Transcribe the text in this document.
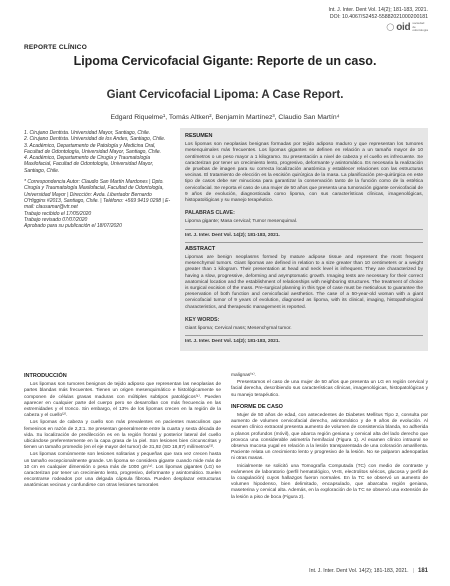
Int. J. Inter. Dent Vol. 14(2); 181-183, 2021.
DOI: 10.4067/S2452-55882021000200181
◯ oid sociedad
de
odontología
REPORTE CLÍNICO
Lipoma Cervicofacial Gigante: Reporte de un caso.
Giant Cervicofacial Lipoma: A Case Report.
Edgard Riquelme¹, Tomás Altken², Benjamín Martínez³, Claudio San Martín⁴

1. Cirujano Dentista. Universidad Mayor, Santiago, Chile.

2. Cirujano Dentista. Universidad de los Andes, Santiago, Chile.

3. Académico, Departamento de Patología y Medicina Oral, Facultad de Odontología, Universidad Mayor, Santiago, Chile.

4. Académico, Departamento de Cirugía y Traumatología Maxilofacial, Facultad de Odontología, Universidad Mayor, Santiago, Chile.

* Correspondencia Autor: Claudio San Martín Mardones | Dpto. Cirugía y Traumatología Maxilofacial, Facultad de Odontología, Universidad Mayor | Dirección: Avda. Libertador Bernardo O'Higgins #2013, Santiago, Chile. | Teléfono: +569 9419 0298 | E-mail: clausamar@vtr.net

Trabajo recibido el 17/05/2020

Trabajo revisado 07/07/2020

Aprobado para su publicación el 18/07/2020

RESUMEN
Los lipomas son neoplasias benignas formadas por tejido adiposo maduro y que representan los tumores mesenquimales más frecuentes. Los lipomas gigantes se definen en relación a un tamaño mayor de 10 centímetros o un peso mayor a 1 kilogramo. Su presentación a nivel de cabeza y el cuello es infrecuente. Se caracterizan por tener un crecimiento lento, progresivo, deformante y asintomático. Es necesaria la realización de pruebas de imagen para su correcta localización anatómica y establecer relaciones con las estructuras vecinas. El tratamiento de elección es la escisión quirúrgica de la masa. La planificación pre-quirúrgica en este tipo de casos debe ser minuciosa para garantizar la conservación tanto de la función como de la estética cervicofacial. Se reporta el caso de una mujer de 50 años que presenta una tumoración gigante cervicofacial de 9 años de evolución, diagnosticada como lipoma, con sus características clínicas, imagenológicas, histopatológicas y su manejo terapéutico.
PALABRAS CLAVE:
Lipoma gigante; Masa cervical; Tumor mesenquimal.
Int. J. Inter. Dent Vol. 14(2); 181-183, 2021.
ABSTRACT
Lipomas are benign neoplasms formed by mature adipose tissue and represent the most frequent mesenchymal tumors. Giant lipomas are defined in relation to a size greater than 10 centimeters or a weight greater than 1 kilogram. Their presentation at head and neck level is infrequent. They are characterized by having a slow, progressive, deforming and asymptomatic growth. Imaging tests are necessary for their correct anatomical location and the establishment of relationships with neighboring structures. The treatment of choice is surgical excision of the mass. Pre-surgical planning in this type of case must be meticulous to guarantee the preservation of both function and cervicofacial aesthetics. The case of a 50-year-old woman with a giant cervicofacial tumor of 9 years of evolution, diagnosed as lipoma, with its clinical, imaging, histopathological characteristics, and therapeutic management is reported.
KEY WORDS:
Giant lipoma; Cervical mass; Mesenchymal tumor.
Int. J. Inter. Dent Vol. 14(2); 181-183, 2021.
INTRODUCCIÓN

Los lipomas son tumores benignos de tejido adiposo que representan las neoplasias de partes blandas más frecuentes. Tienen un origen mesenquimático e histológicamente se componen de células grasas maduras con múltiples subtipos patológicos⁽¹⁾. Pueden aparecer en cualquier parte del cuerpo pero se desarrollan con más frecuencia en las extremidades y el tronco. Sin embargo, el 13% de los lipomas crecen en la región de la cabeza y el cuello⁽²⁾.

Los lipomas de cabeza y cuello son más prevalentes en pacientes masculinos que femeninos en razón de 2,3:1. Se presentan generalmente entre la cuarta y sexta década de vida. Su localización de predilección es en la región frontal y posterior lateral del cuello ubicándose preferentemente en la capa grasa de la piel. Son lesiones bien circunscritas y tienen un tamaño promedio (en el eje mayor del tumor) de 31,92 (SD 18,87) milímetros⁽³⁾.

Los lipomas comúnmente son lesiones solitarias y pequeñas que rara vez crecen hasta un tamaño excepcionalmente grande. Un lipoma se considera gigante cuando mide más de 10 cm en cualquier dimensión o pesa más de 1000 gm⁽⁴⁾. Los lipomas gigantes (LG) se caracterizan por tener un crecimiento lento, progresivo, deformante y asintomático. Suelen encontrarse rodeados por una delgada cápsula fibrosa. Pueden desplazar estructuras anatómicas vecinas y confundirse con otras lesiones tumorales

malignas⁽⁵⁾.

Presentamos el caso de una mujer de 50 años que presenta un LG en región cervical y facial derecha, describiendo sus características clínicas, imagenológicas, histopatológicas y su manejo terapéutico.

INFORME DE CASO

Mujer de 50 años de edad, con antecedentes de Diabetes Mellitus Tipo 2, consulta por aumento de volumen cervicofacial derecho, asintomático y de 9 años de evolución. Al examen clínico extraoral presenta aumento de volumen de consistencia blanda, no adherida a planos profundos (móvil), que abarca región geniana y cervical alta del lado derecho que provoca una considerable asimetría hemifacial (Figura 1). Al examen clínico intraoral se observa mucosa yugal en relación a la lesión transparentada de una coloración amarillenta. Paciente relata un crecimiento lento y progresivo de la lesión. No se palparon adenopatías ni otras masas.

Inicialmente se solicitó una Tomografía Computada (TC) con medio de contraste y exámenes de laboratorio (perfil hematológico, VHS, electrolitos séricos, glucosa y perfil de la coagulación) cuyos hallazgos fueron normales. En la TC se observó un aumento de volumen hipodenso, bien delimitado, encapsulado, que abarcaba región geniana, maseterina y cervical alta. Además, en la exploración de la TC se observó una extensión de la lesión a piso de boca (Figura 2).

Int. J. Inter. Dent Vol. 14(2); 181-183, 2021. | 181
